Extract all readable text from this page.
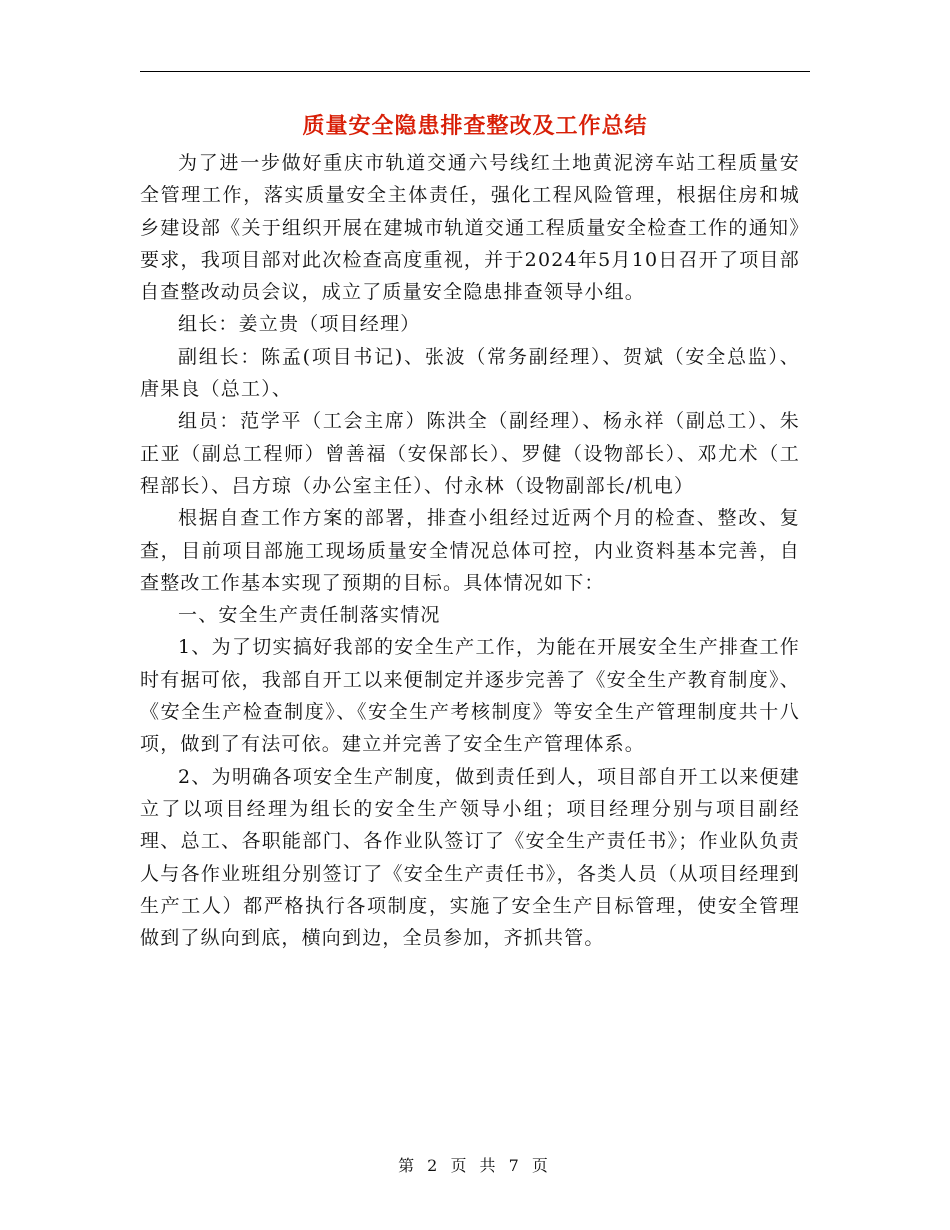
质量安全隐患排查整改及工作总结

为了进一步做好重庆市轨道交通六号线红土地黄泥滂车站工程质量安全管理工作，落实质量安全主体责任，强化工程风险管理，根据住房和城乡建设部《关于组织开展在建城市轨道交通工程质量安全检查工作的通知》要求，我项目部对此次检查高度重视，并于2024年5月10日召开了项目部自查整改动员会议，成立了质量安全隐患排查领导小组。

组长：姜立贵（项目经理）

副组长：陈孟(项目书记)、张波（常务副经理）、贺斌（安全总监）、唐果良（总工）、

组员：范学平（工会主席）陈洪全（副经理）、杨永祥（副总工）、朱正亚（副总工程师）曾善福（安保部长）、罗健（设物部长）、邓尤术（工程部长）、吕方琼（办公室主任）、付永林（设物副部长/机电）

根据自查工作方案的部署，排查小组经过近两个月的检查、整改、复查，目前项目部施工现场质量安全情况总体可控，内业资料基本完善，自查整改工作基本实现了预期的目标。具体情况如下：

一、安全生产责任制落实情况

1、为了切实搞好我部的安全生产工作，为能在开展安全生产排查工作时有据可依，我部自开工以来便制定并逐步完善了《安全生产教育制度》、《安全生产检查制度》、《安全生产考核制度》等安全生产管理制度共十八项，做到了有法可依。建立并完善了安全生产管理体系。

2、为明确各项安全生产制度，做到责任到人，项目部自开工以来便建立了以项目经理为组长的安全生产领导小组；项目经理分别与项目副经理、总工、各职能部门、各作业队签订了《安全生产责任书》；作业队负责人与各作业班组分别签订了《安全生产责任书》，各类人员（从项目经理到生产工人）都严格执行各项制度，实施了安全生产目标管理，使安全管理做到了纵向到底，横向到边，全员参加，齐抓共管。

第 2 页 共 7 页
